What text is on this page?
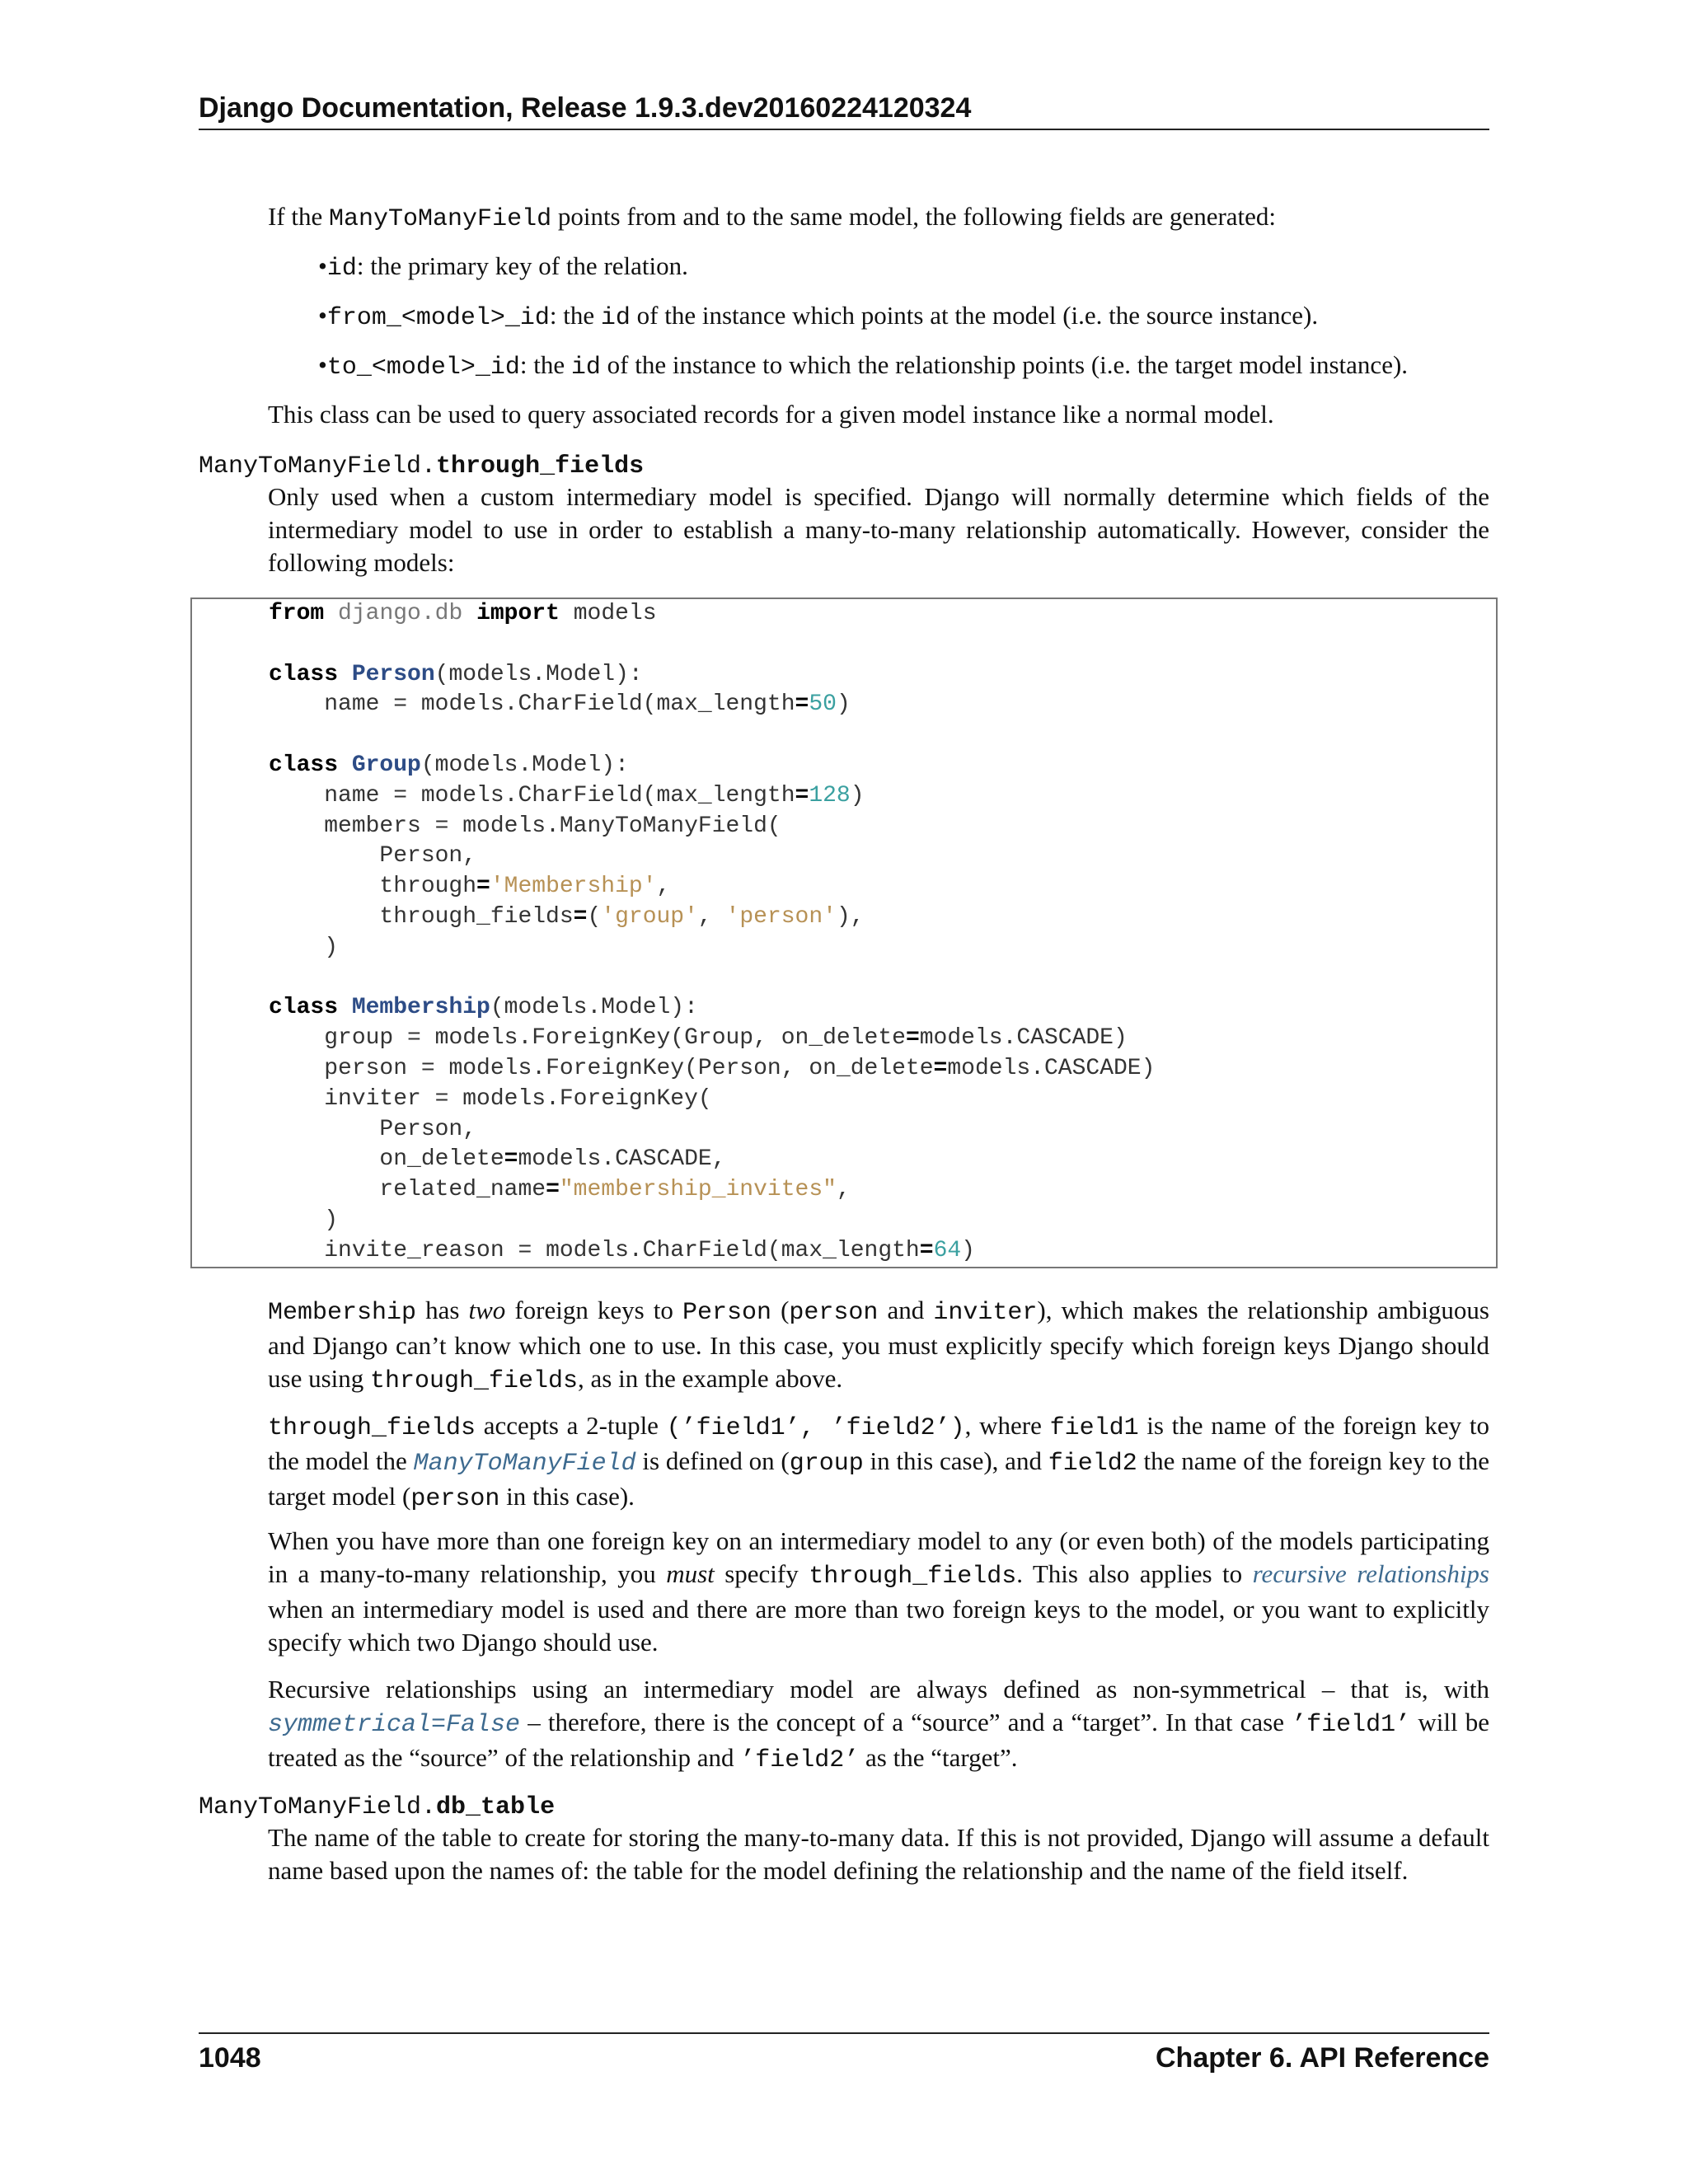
Django Documentation, Release 1.9.3.dev20160224120324
If the ManyToManyField points from and to the same model, the following fields are generated:
•id: the primary key of the relation.
•from_<model>_id: the id of the instance which points at the model (i.e. the source instance).
•to_<model>_id: the id of the instance to which the relationship points (i.e. the target model instance).
This class can be used to query associated records for a given model instance like a normal model.
ManyToManyField.through_fields
Only used when a custom intermediary model is specified. Django will normally determine which fields of the intermediary model to use in order to establish a many-to-many relationship automatically. However, consider the following models:
from django.db import models

class Person(models.Model):
name = models.CharField(max_length=50)

class Group(models.Model):
name = models.CharField(max_length=128)
members = models.ManyToManyField(
Person,
through='Membership',
through_fields=('group', 'person'),
)

class Membership(models.Model):
group = models.ForeignKey(Group, on_delete=models.CASCADE)
person = models.ForeignKey(Person, on_delete=models.CASCADE)
inviter = models.ForeignKey(
Person,
on_delete=models.CASCADE,
related_name="membership_invites",
)
invite_reason = models.CharField(max_length=64)
Membership has two foreign keys to Person (person and inviter), which makes the relationship ambiguous and Django can’t know which one to use. In this case, you must explicitly specify which foreign keys Django should use using through_fields, as in the example above.
through_fields accepts a 2-tuple (’field1’, ’field2’), where field1 is the name of the foreign key to the model the ManyToManyField is defined on (group in this case), and field2 the name of the foreign key to the target model (person in this case).
When you have more than one foreign key on an intermediary model to any (or even both) of the models participating in a many-to-many relationship, you must specify through_fields. This also applies to recursive relationships when an intermediary model is used and there are more than two foreign keys to the model, or you want to explicitly specify which two Django should use.
Recursive relationships using an intermediary model are always defined as non-symmetrical – that is, with symmetrical=False – therefore, there is the concept of a “source” and a “target”. In that case ’field1’ will be treated as the “source” of the relationship and ’field2’ as the “target”.
ManyToManyField.db_table
The name of the table to create for storing the many-to-many data. If this is not provided, Django will assume a default name based upon the names of: the table for the model defining the relationship and the name of the field itself.
1048	Chapter 6. API Reference
